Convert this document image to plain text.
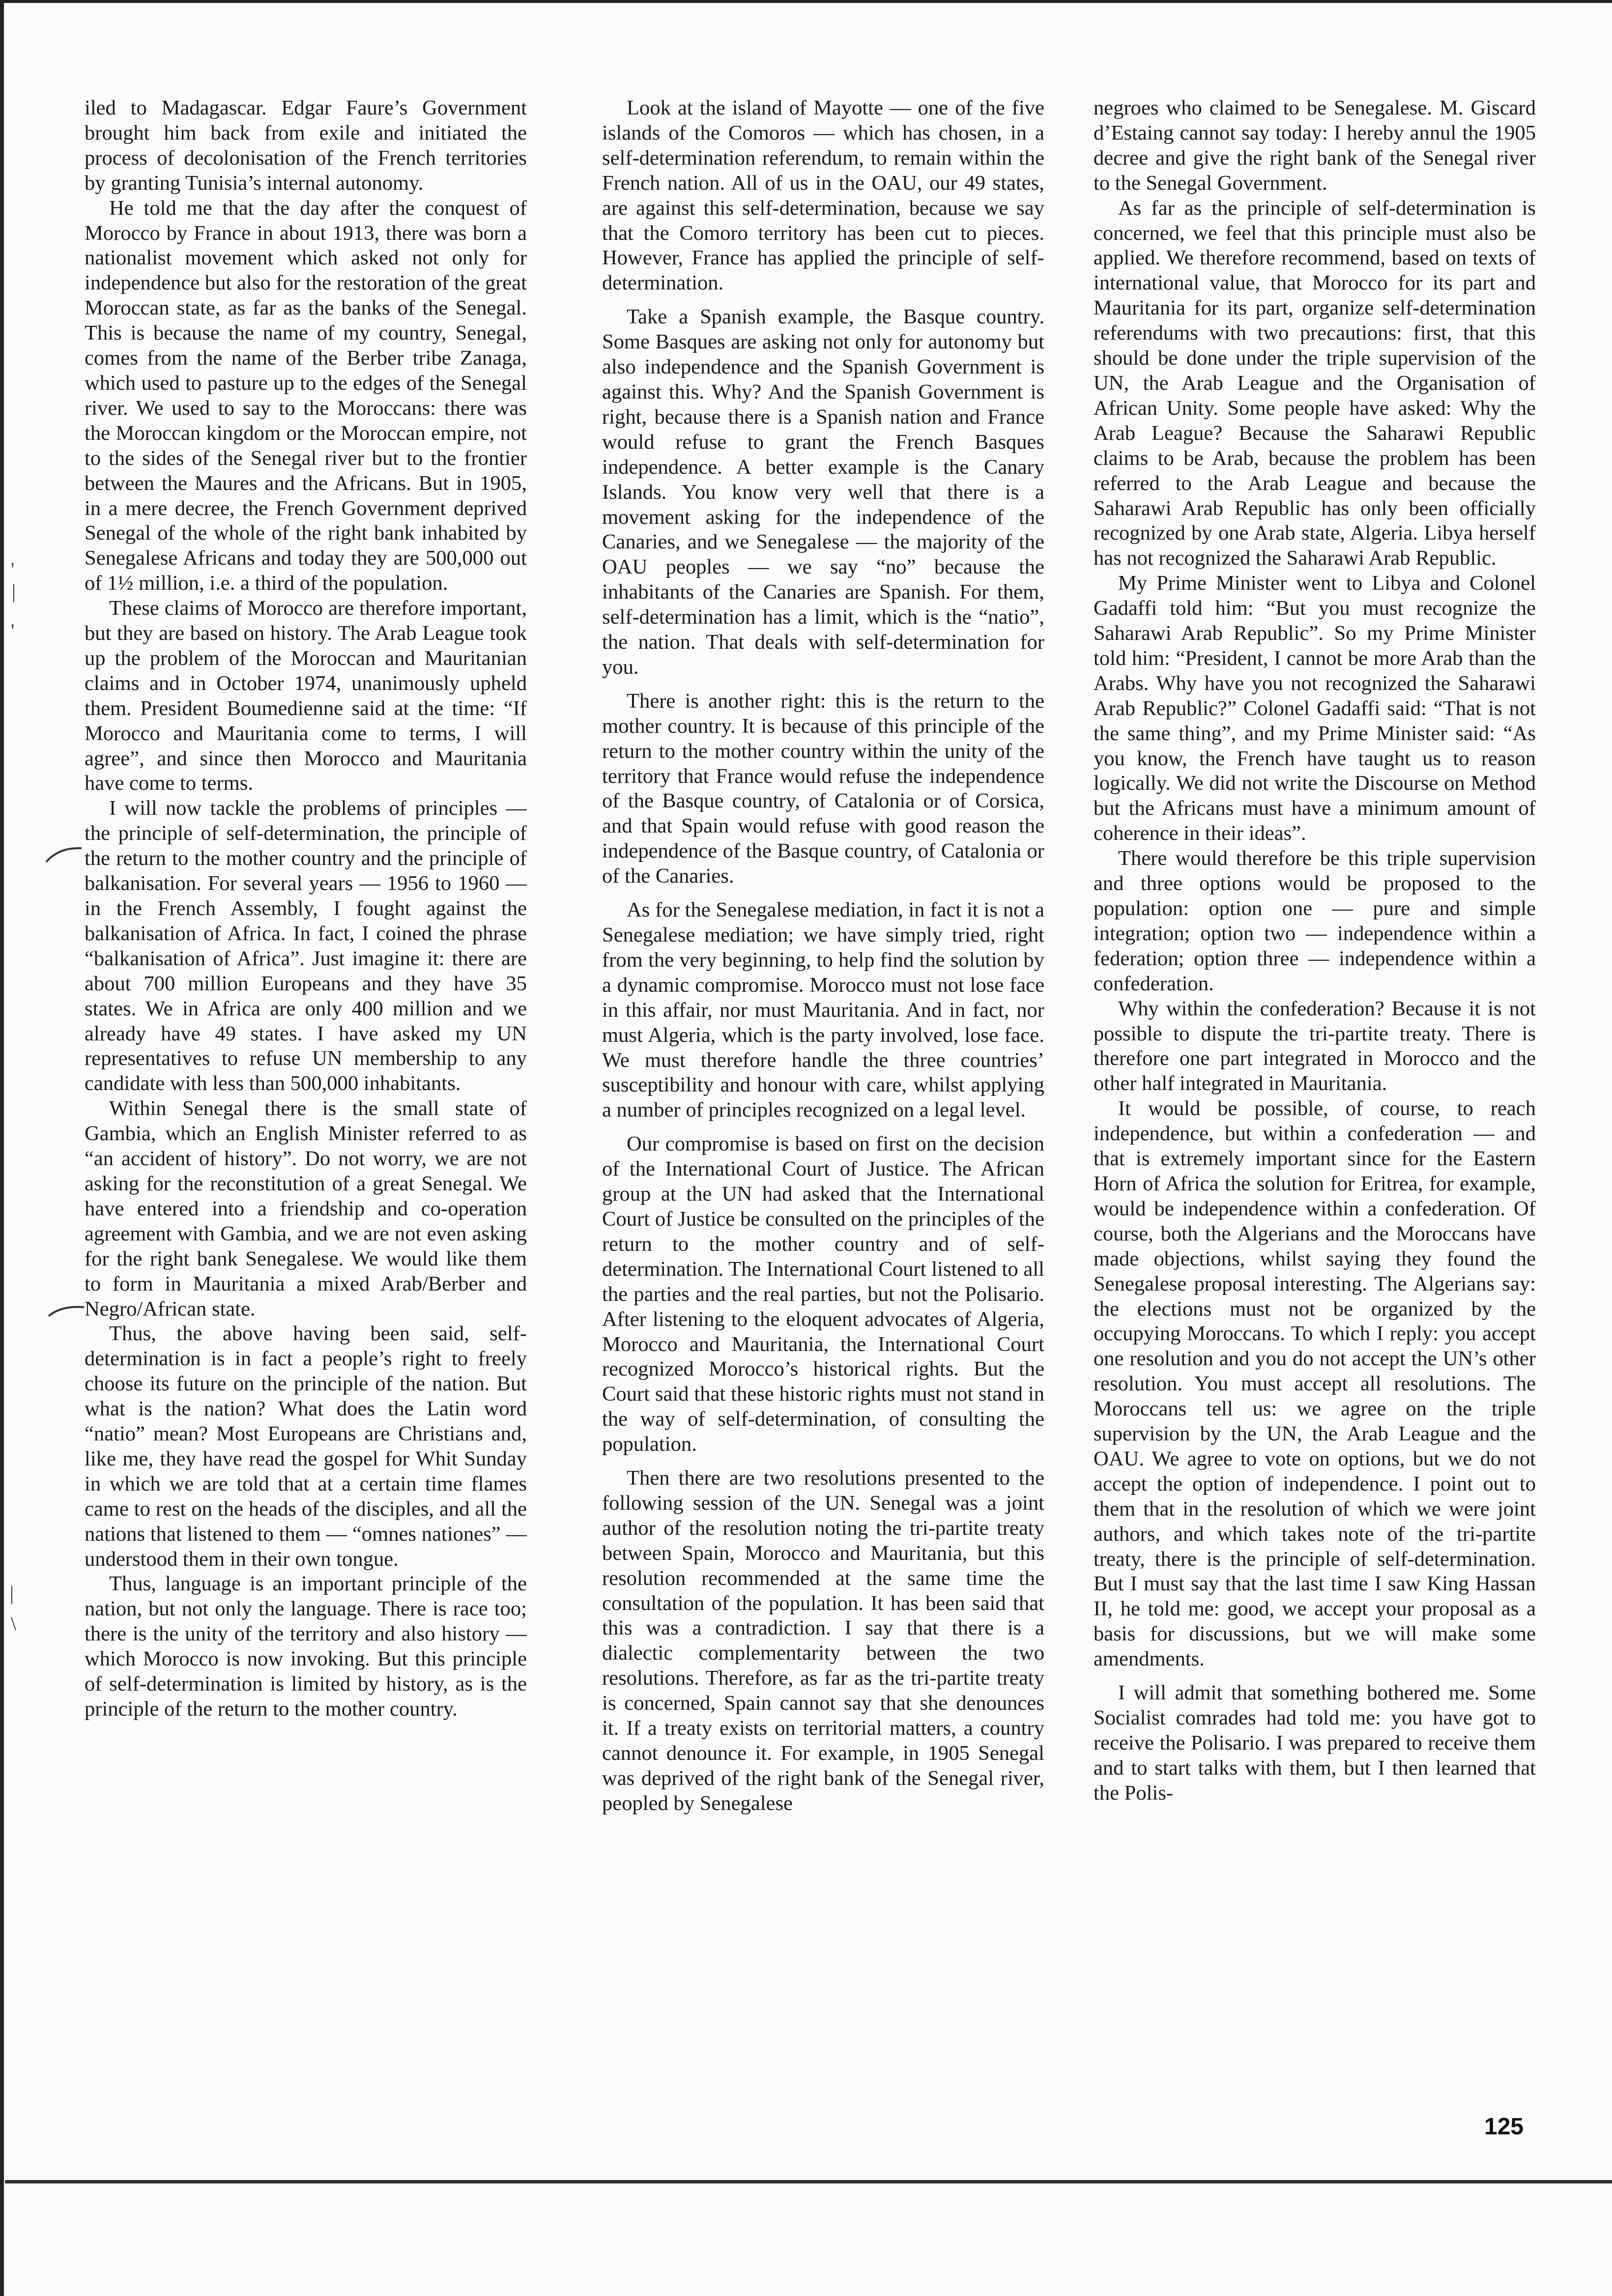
iled to Madagascar. Edgar Faure’s Government brought him back from exile and initiated the process of decolonisation of the French territories by granting Tunisia’s internal autonomy.

He told me that the day after the conquest of Morocco by France in about 1913, there was born a nationalist movement which asked not only for independence but also for the restoration of the great Moroccan state, as far as the banks of the Senegal. This is because the name of my country, Senegal, comes from the name of the Berber tribe Zanaga, which used to pasture up to the edges of the Senegal river. We used to say to the Moroccans: there was the Moroccan kingdom or the Moroccan empire, not to the sides of the Senegal river but to the frontier between the Maures and the Africans. But in 1905, in a mere decree, the French Government deprived Senegal of the whole of the right bank inhabited by Senegalese Africans and today they are 500,000 out of 1½ million, i.e. a third of the population.

These claims of Morocco are therefore important, but they are based on history. The Arab League took up the problem of the Moroccan and Mauritanian claims and in October 1974, unanimously upheld them. President Boumedienne said at the time: “If Morocco and Mauritania come to terms, I will agree”, and since then Morocco and Mauritania have come to terms.

I will now tackle the problems of principles — the principle of self-determination, the principle of the return to the mother country and the principle of balkanisation. For several years — 1956 to 1960 — in the French Assembly, I fought against the balkanisation of Africa. In fact, I coined the phrase “balkanisation of Africa”. Just imagine it: there are about 700 million Europeans and they have 35 states. We in Africa are only 400 million and we already have 49 states. I have asked my UN representatives to refuse UN membership to any candidate with less than 500,000 inhabitants.

Within Senegal there is the small state of Gambia, which an English Minister referred to as “an accident of history”. Do not worry, we are not asking for the reconstitution of a great Senegal. We have entered into a friendship and co-operation agreement with Gambia, and we are not even asking for the right bank Senegalese. We would like them to form in Mauritania a mixed Arab/Berber and Negro/African state.

Thus, the above having been said, self-determination is in fact a people’s right to freely choose its future on the principle of the nation. But what is the nation? What does the Latin word “natio” mean? Most Europeans are Christians and, like me, they have read the gospel for Whit Sunday in which we are told that at a certain time flames came to rest on the heads of the disciples, and all the nations that listened to them — “omnes nationes” — understood them in their own tongue.

Thus, language is an important principle of the nation, but not only the language. There is race too; there is the unity of the territory and also history — which Morocco is now invoking. But this principle of self-determination is limited by history, as is the principle of the return to the mother country.

Look at the island of Mayotte — one of the five islands of the Comoros — which has chosen, in a self-determination referendum, to remain within the French nation. All of us in the OAU, our 49 states, are against this self-determination, because we say that the Comoro territory has been cut to pieces. However, France has applied the principle of self-determination.

Take a Spanish example, the Basque country. Some Basques are asking not only for autonomy but also independence and the Spanish Government is against this. Why? And the Spanish Government is right, because there is a Spanish nation and France would refuse to grant the French Basques independence. A better example is the Canary Islands. You know very well that there is a movement asking for the independence of the Canaries, and we Senegalese — the majority of the OAU peoples — we say “no” because the inhabitants of the Canaries are Spanish. For them, self-determination has a limit, which is the “natio”, the nation. That deals with self-determination for you.

There is another right: this is the return to the mother country. It is because of this principle of the return to the mother country within the unity of the territory that France would refuse the independence of the Basque country, of Catalonia or of Corsica, and that Spain would refuse with good reason the independence of the Basque country, of Catalonia or of the Canaries.

As for the Senegalese mediation, in fact it is not a Senegalese mediation; we have simply tried, right from the very beginning, to help find the solution by a dynamic compromise. Morocco must not lose face in this affair, nor must Mauritania. And in fact, nor must Algeria, which is the party involved, lose face. We must therefore handle the three countries’ susceptibility and honour with care, whilst applying a number of principles recognized on a legal level.

Our compromise is based on first on the decision of the International Court of Justice. The African group at the UN had asked that the International Court of Justice be consulted on the principles of the return to the mother country and of self-determination. The International Court listened to all the parties and the real parties, but not the Polisario. After listening to the eloquent advocates of Algeria, Morocco and Mauritania, the International Court recognized Morocco’s historical rights. But the Court said that these historic rights must not stand in the way of self-determination, of consulting the population.

Then there are two resolutions presented to the following session of the UN. Senegal was a joint author of the resolution noting the tri-partite treaty between Spain, Morocco and Mauritania, but this resolution recommended at the same time the consultation of the population. It has been said that this was a contradiction. I say that there is a dialectic complementarity between the two resolutions. Therefore, as far as the tri-partite treaty is concerned, Spain cannot say that she denounces it. If a treaty exists on territorial matters, a country cannot denounce it. For example, in 1905 Senegal was deprived of the right bank of the Senegal river, peopled by Senegalese

negroes who claimed to be Senegalese. M. Giscard d’Estaing cannot say today: I hereby annul the 1905 decree and give the right bank of the Senegal river to the Senegal Government.

As far as the principle of self-determination is concerned, we feel that this principle must also be applied. We therefore recommend, based on texts of international value, that Morocco for its part and Mauritania for its part, organize self-determination referendums with two precautions: first, that this should be done under the triple supervision of the UN, the Arab League and the Organisation of African Unity. Some people have asked: Why the Arab League? Because the Saharawi Republic claims to be Arab, because the problem has been referred to the Arab League and because the Saharawi Arab Republic has only been officially recognized by one Arab state, Algeria. Libya herself has not recognized the Saharawi Arab Republic.

My Prime Minister went to Libya and Colonel Gadaffi told him: “But you must recognize the Saharawi Arab Republic”. So my Prime Minister told him: “President, I cannot be more Arab than the Arabs. Why have you not recognized the Saharawi Arab Republic?” Colonel Gadaffi said: “That is not the same thing”, and my Prime Minister said: “As you know, the French have taught us to reason logically. We did not write the Discourse on Method but the Africans must have a minimum amount of coherence in their ideas”.

There would therefore be this triple supervision and three options would be proposed to the population: option one — pure and simple integration; option two — independence within a federation; option three — independence within a confederation.

Why within the confederation? Because it is not possible to dispute the tri-partite treaty. There is therefore one part integrated in Morocco and the other half integrated in Mauritania.

It would be possible, of course, to reach independence, but within a confederation — and that is extremely important since for the Eastern Horn of Africa the solution for Eritrea, for example, would be independence within a confederation. Of course, both the Algerians and the Moroccans have made objections, whilst saying they found the Senegalese proposal interesting. The Algerians say: the elections must not be organized by the occupying Moroccans. To which I reply: you accept one resolution and you do not accept the UN’s other resolution. You must accept all resolutions. The Moroccans tell us: we agree on the triple supervision by the UN, the Arab League and the OAU. We agree to vote on options, but we do not accept the option of independence. I point out to them that in the resolution of which we were joint authors, and which takes note of the tri-partite treaty, there is the principle of self-determination. But I must say that the last time I saw King Hassan II, he told me: good, we accept your proposal as a basis for discussions, but we will make some amendments.

I will admit that something bothered me. Some Socialist comrades had told me: you have got to receive the Polisario. I was prepared to receive them and to start talks with them, but I then learned that the Polis-

125
'
|
'
|
\
